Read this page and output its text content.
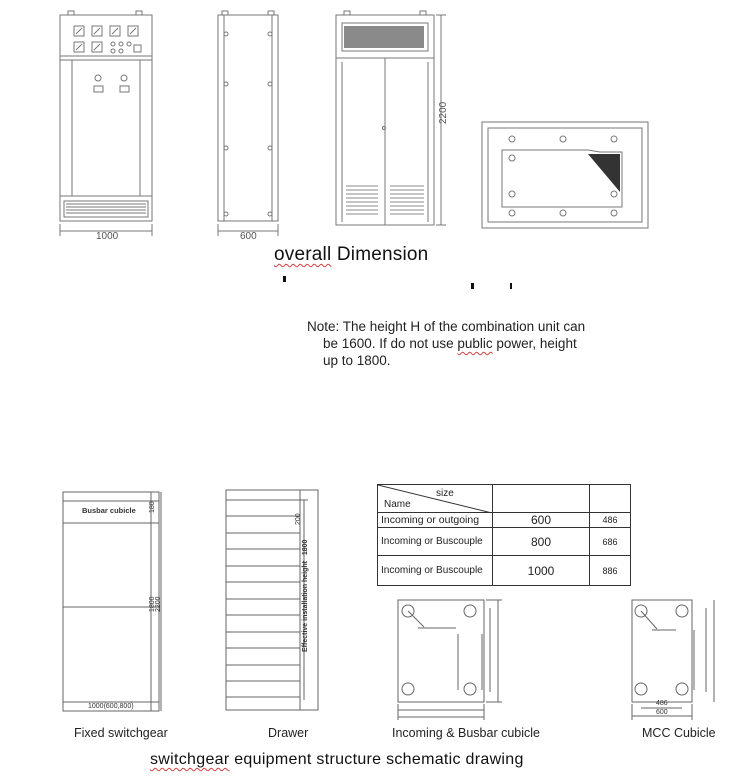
1000	600
2200
overall Dimension
Note: The height H of the combination unit can
be 1600. If do not use public power, height
up to 1800.
size
Name		

Incoming or outgoing	600	486
Incoming or Buscouple	800	686
Incoming or Buscouple	1000	886
Busbar cubicle 180
1800 2200
1000(600,800)
200
Effective installation height   1800
486
600
Fixed switchgear	Drawer	Incoming & Busbar cubicle	MCC Cubicle
switchgear equipment structure schematic drawing
